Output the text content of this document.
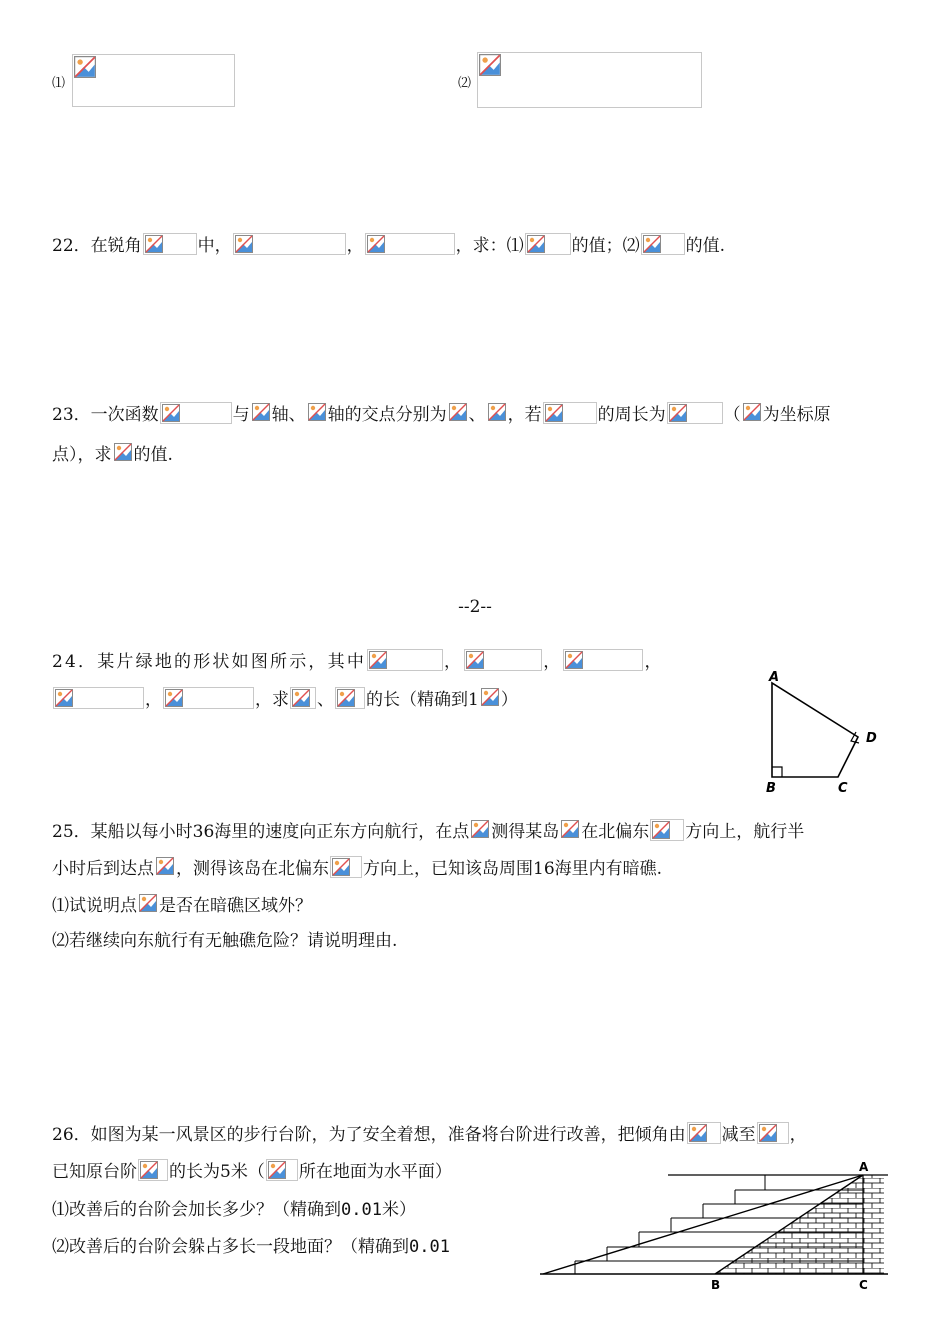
⑴	⑵
22．在锐角	中，	，	，求：⑴	的值；⑵	的值.
23．一次函数	与 轴、 轴的交点分别为 、 ，若	的周长为	（ 为坐标原
点），求 的值.
--2--
24．某片绿地的形状如图所示，其中	，	，	，
，	，求 、 的长（精确到1 ）
A
B	C
D
25．某船以每小时36海里的速度向正东方向航行，在点 测得某岛 在北偏东 方向上，航行半
小时后到达点 ，测得该岛在北偏东 方向上，已知该岛周围16海里内有暗礁.
⑴试说明点 是否在暗礁区域外？
⑵若继续向东航行有无触礁危险？请说明理由.
26．如图为某一风景区的步行台阶，为了安全着想，准备将台阶进行改善，把倾角由 减至 ，
已知原台阶 的长为5米（ 所在地面为水平面）
⑴改善后的台阶会加长多少？（精确到0.01米）
⑵改善后的台阶会躲占多长一段地面？（精确到0.01
A
B	C
